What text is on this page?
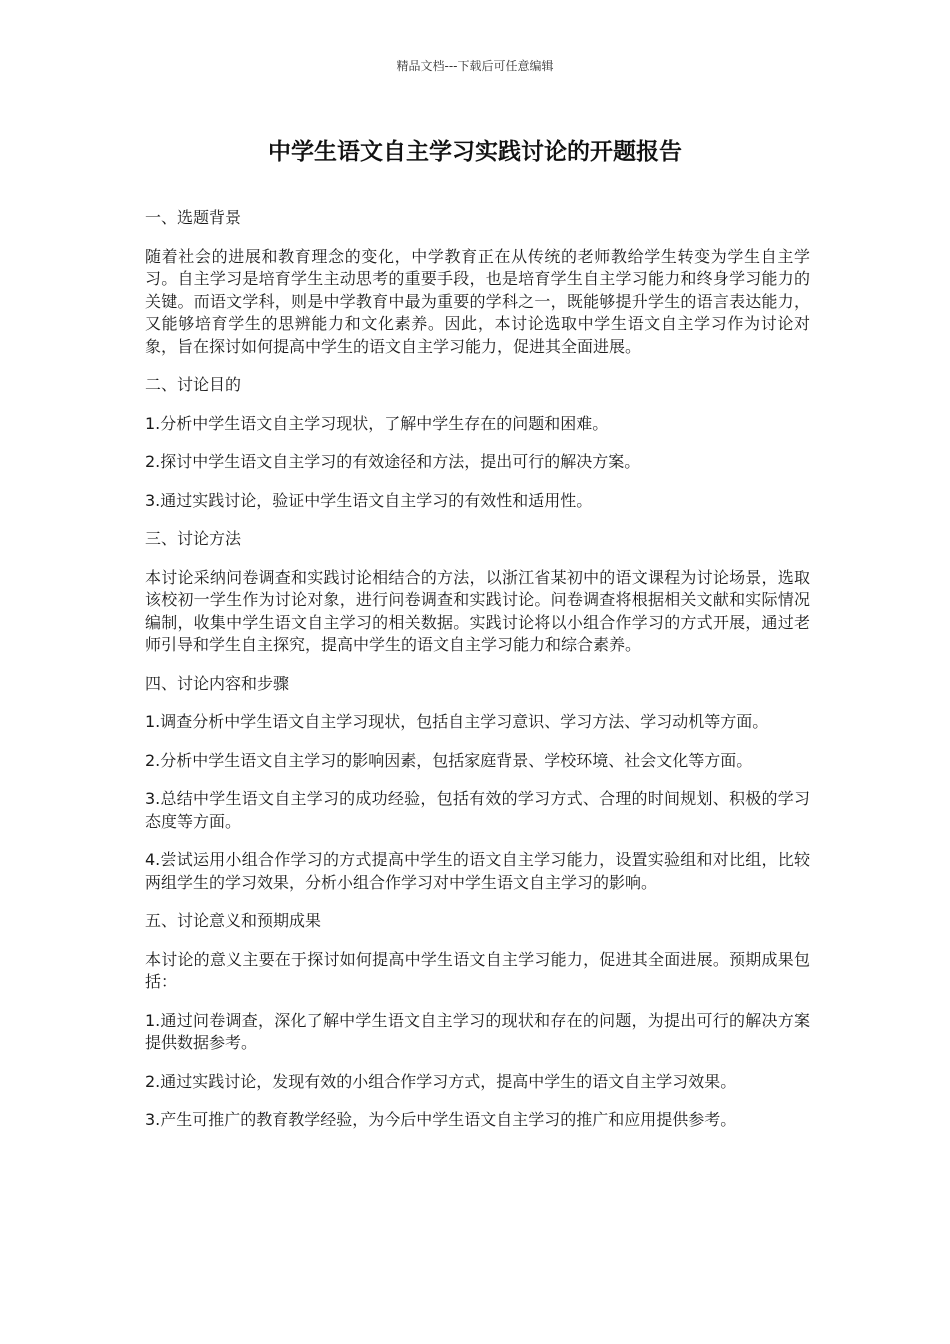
精品文档---下载后可任意编辑
中学生语文自主学习实践讨论的开题报告

一、选题背景

随着社会的进展和教育理念的变化，中学教育正在从传统的老师教给学生转变为学生自主学习。自主学习是培育学生主动思考的重要手段，也是培育学生自主学习能力和终身学习能力的关键。而语文学科，则是中学教育中最为重要的学科之一，既能够提升学生的语言表达能力，又能够培育学生的思辨能力和文化素养。因此，本讨论选取中学生语文自主学习作为讨论对象，旨在探讨如何提高中学生的语文自主学习能力，促进其全面进展。

二、讨论目的

1.分析中学生语文自主学习现状，了解中学生存在的问题和困难。

2.探讨中学生语文自主学习的有效途径和方法，提出可行的解决方案。

3.通过实践讨论，验证中学生语文自主学习的有效性和适用性。

三、讨论方法

本讨论采纳问卷调查和实践讨论相结合的方法，以浙江省某初中的语文课程为讨论场景，选取该校初一学生作为讨论对象，进行问卷调查和实践讨论。问卷调查将根据相关文献和实际情况编制，收集中学生语文自主学习的相关数据。实践讨论将以小组合作学习的方式开展，通过老师引导和学生自主探究，提高中学生的语文自主学习能力和综合素养。

四、讨论内容和步骤

1.调查分析中学生语文自主学习现状，包括自主学习意识、学习方法、学习动机等方面。

2.分析中学生语文自主学习的影响因素，包括家庭背景、学校环境、社会文化等方面。

3.总结中学生语文自主学习的成功经验，包括有效的学习方式、合理的时间规划、积极的学习态度等方面。

4.尝试运用小组合作学习的方式提高中学生的语文自主学习能力，设置实验组和对比组，比较两组学生的学习效果，分析小组合作学习对中学生语文自主学习的影响。

五、讨论意义和预期成果

本讨论的意义主要在于探讨如何提高中学生语文自主学习能力，促进其全面进展。预期成果包括：

1.通过问卷调查，深化了解中学生语文自主学习的现状和存在的问题，为提出可行的解决方案提供数据参考。

2.通过实践讨论，发现有效的小组合作学习方式，提高中学生的语文自主学习效果。

3.产生可推广的教育教学经验，为今后中学生语文自主学习的推广和应用提供参考。
